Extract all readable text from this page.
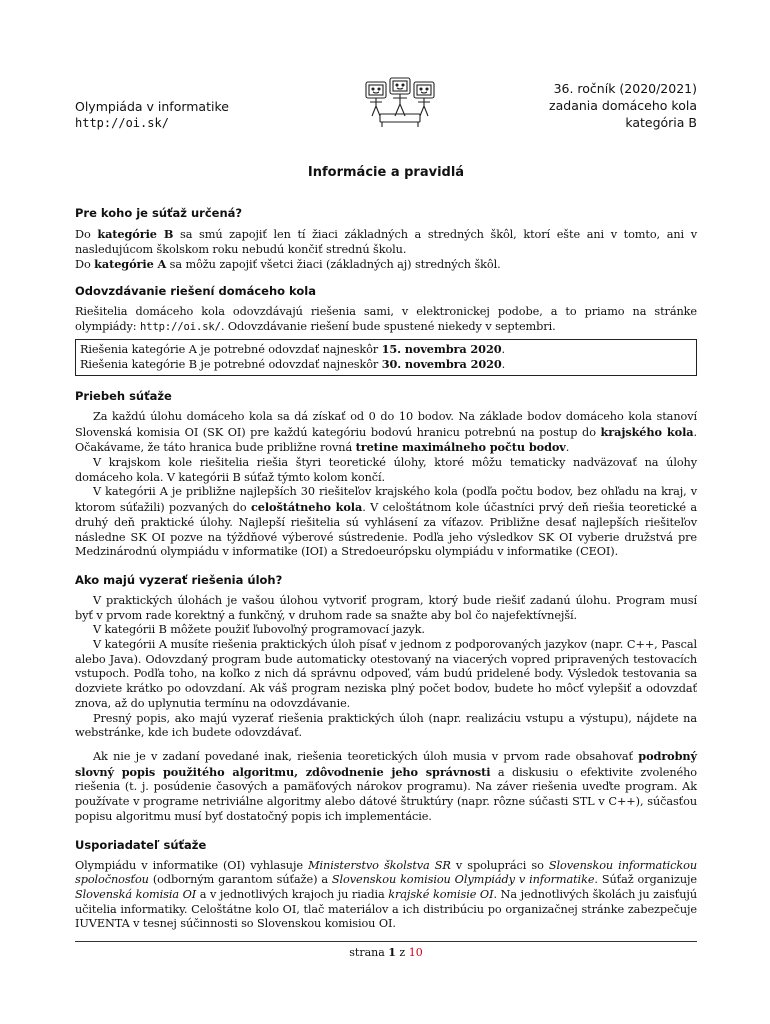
Olympiáda v informatike
http://oi.sk/
36. ročník (2020/2021)
zadania domáceho kola
kategória B
Informácie a pravidlá
Pre koho je súťaž určená?

Do kategórie B sa smú zapojiť len tí žiaci základných a stredných škôl, ktorí ešte ani v tomto, ani v nasledujúcom školskom roku nebudú končiť strednú školu.

Do kategórie A sa môžu zapojiť všetci žiaci (základných aj) stredných škôl.

Odovzdávanie riešení domáceho kola

Riešitelia domáceho kola odovzdávajú riešenia sami, v elektronickej podobe, a to priamo na stránke olympiády: http://oi.sk/. Odovzdávanie riešení bude spustené niekedy v septembri.

Riešenia kategórie A je potrebné odovzdať najneskôr 15. novembra 2020.

Riešenia kategórie B je potrebné odovzdať najneskôr 30. novembra 2020.

Priebeh súťaže

Za každú úlohu domáceho kola sa dá získať od 0 do 10 bodov. Na základe bodov domáceho kola stanoví Slovenská komisia OI (SK OI) pre každú kategóriu bodovú hranicu potrebnú na postup do krajského kola. Očakávame, že táto hranica bude približne rovná tretine maximálneho počtu bodov.

V krajskom kole riešitelia riešia štyri teoretické úlohy, ktoré môžu tematicky nadväzovať na úlohy domáceho kola. V kategórii B súťaž týmto kolom končí.

V kategórii A je približne najlepších 30 riešiteľov krajského kola (podľa počtu bodov, bez ohľadu na kraj, v ktorom súťažili) pozvaných do celoštátneho kola. V celoštátnom kole účastníci prvý deň riešia teoretické a druhý deň praktické úlohy. Najlepší riešitelia sú vyhlásení za víťazov. Približne desať najlepších riešiteľov následne SK OI pozve na týždňové výberové sústredenie. Podľa jeho výsledkov SK OI vyberie družstvá pre Medzinárodnú olympiádu v informatike (IOI) a Stredoeurópsku olympiádu v informatike (CEOI).

Ako majú vyzerať riešenia úloh?

V praktických úlohách je vašou úlohou vytvoriť program, ktorý bude riešiť zadanú úlohu. Program musí byť v prvom rade korektný a funkčný, v druhom rade sa snažte aby bol čo najefektívnejší.

V kategórii B môžete použiť ľubovoľný programovací jazyk.

V kategórii A musíte riešenia praktických úloh písať v jednom z podporovaných jazykov (napr. C++, Pascal alebo Java). Odovzdaný program bude automaticky otestovaný na viacerých vopred pripravených testovacích vstupoch. Podľa toho, na koľko z nich dá správnu odpoveď, vám budú pridelené body. Výsledok testovania sa dozviete krátko po odovzdaní. Ak váš program neziska plný počet bodov, budete ho môcť vylepšiť a odovzdať znova, až do uplynutia termínu na odovzdávanie.

Presný popis, ako majú vyzerať riešenia praktických úloh (napr. realizáciu vstupu a výstupu), nájdete na webstránke, kde ich budete odovzdávať.

Ak nie je v zadaní povedané inak, riešenia teoretických úloh musia v prvom rade obsahovať podrobný slovný popis použitého algoritmu, zdôvodnenie jeho správnosti a diskusiu o efektivite zvoleného riešenia (t. j. posúdenie časových a pamäťových nárokov programu). Na záver riešenia uveďte program. Ak používate v programe netriviálne algoritmy alebo dátové štruktúry (napr. rôzne súčasti STL v C++), súčasťou popisu algoritmu musí byť dostatočný popis ich implementácie.

Usporiadateľ súťaže

Olympiádu v informatike (OI) vyhlasuje Ministerstvo školstva SR v spolupráci so Slovenskou informatickou spoločnosťou (odborným garantom súťaže) a Slovenskou komisiou Olympiády v informatike. Súťaž organizuje Slovenská komisia OI a v jednotlivých krajoch ju riadia krajské komisie OI. Na jednotlivých školách ju zaisťujú učitelia informatiky. Celoštátne kolo OI, tlač materiálov a ich distribúciu po organizačnej stránke zabezpečuje IUVENTA v tesnej súčinnosti so Slovenskou komisiou OI.

strana 1 z 10
